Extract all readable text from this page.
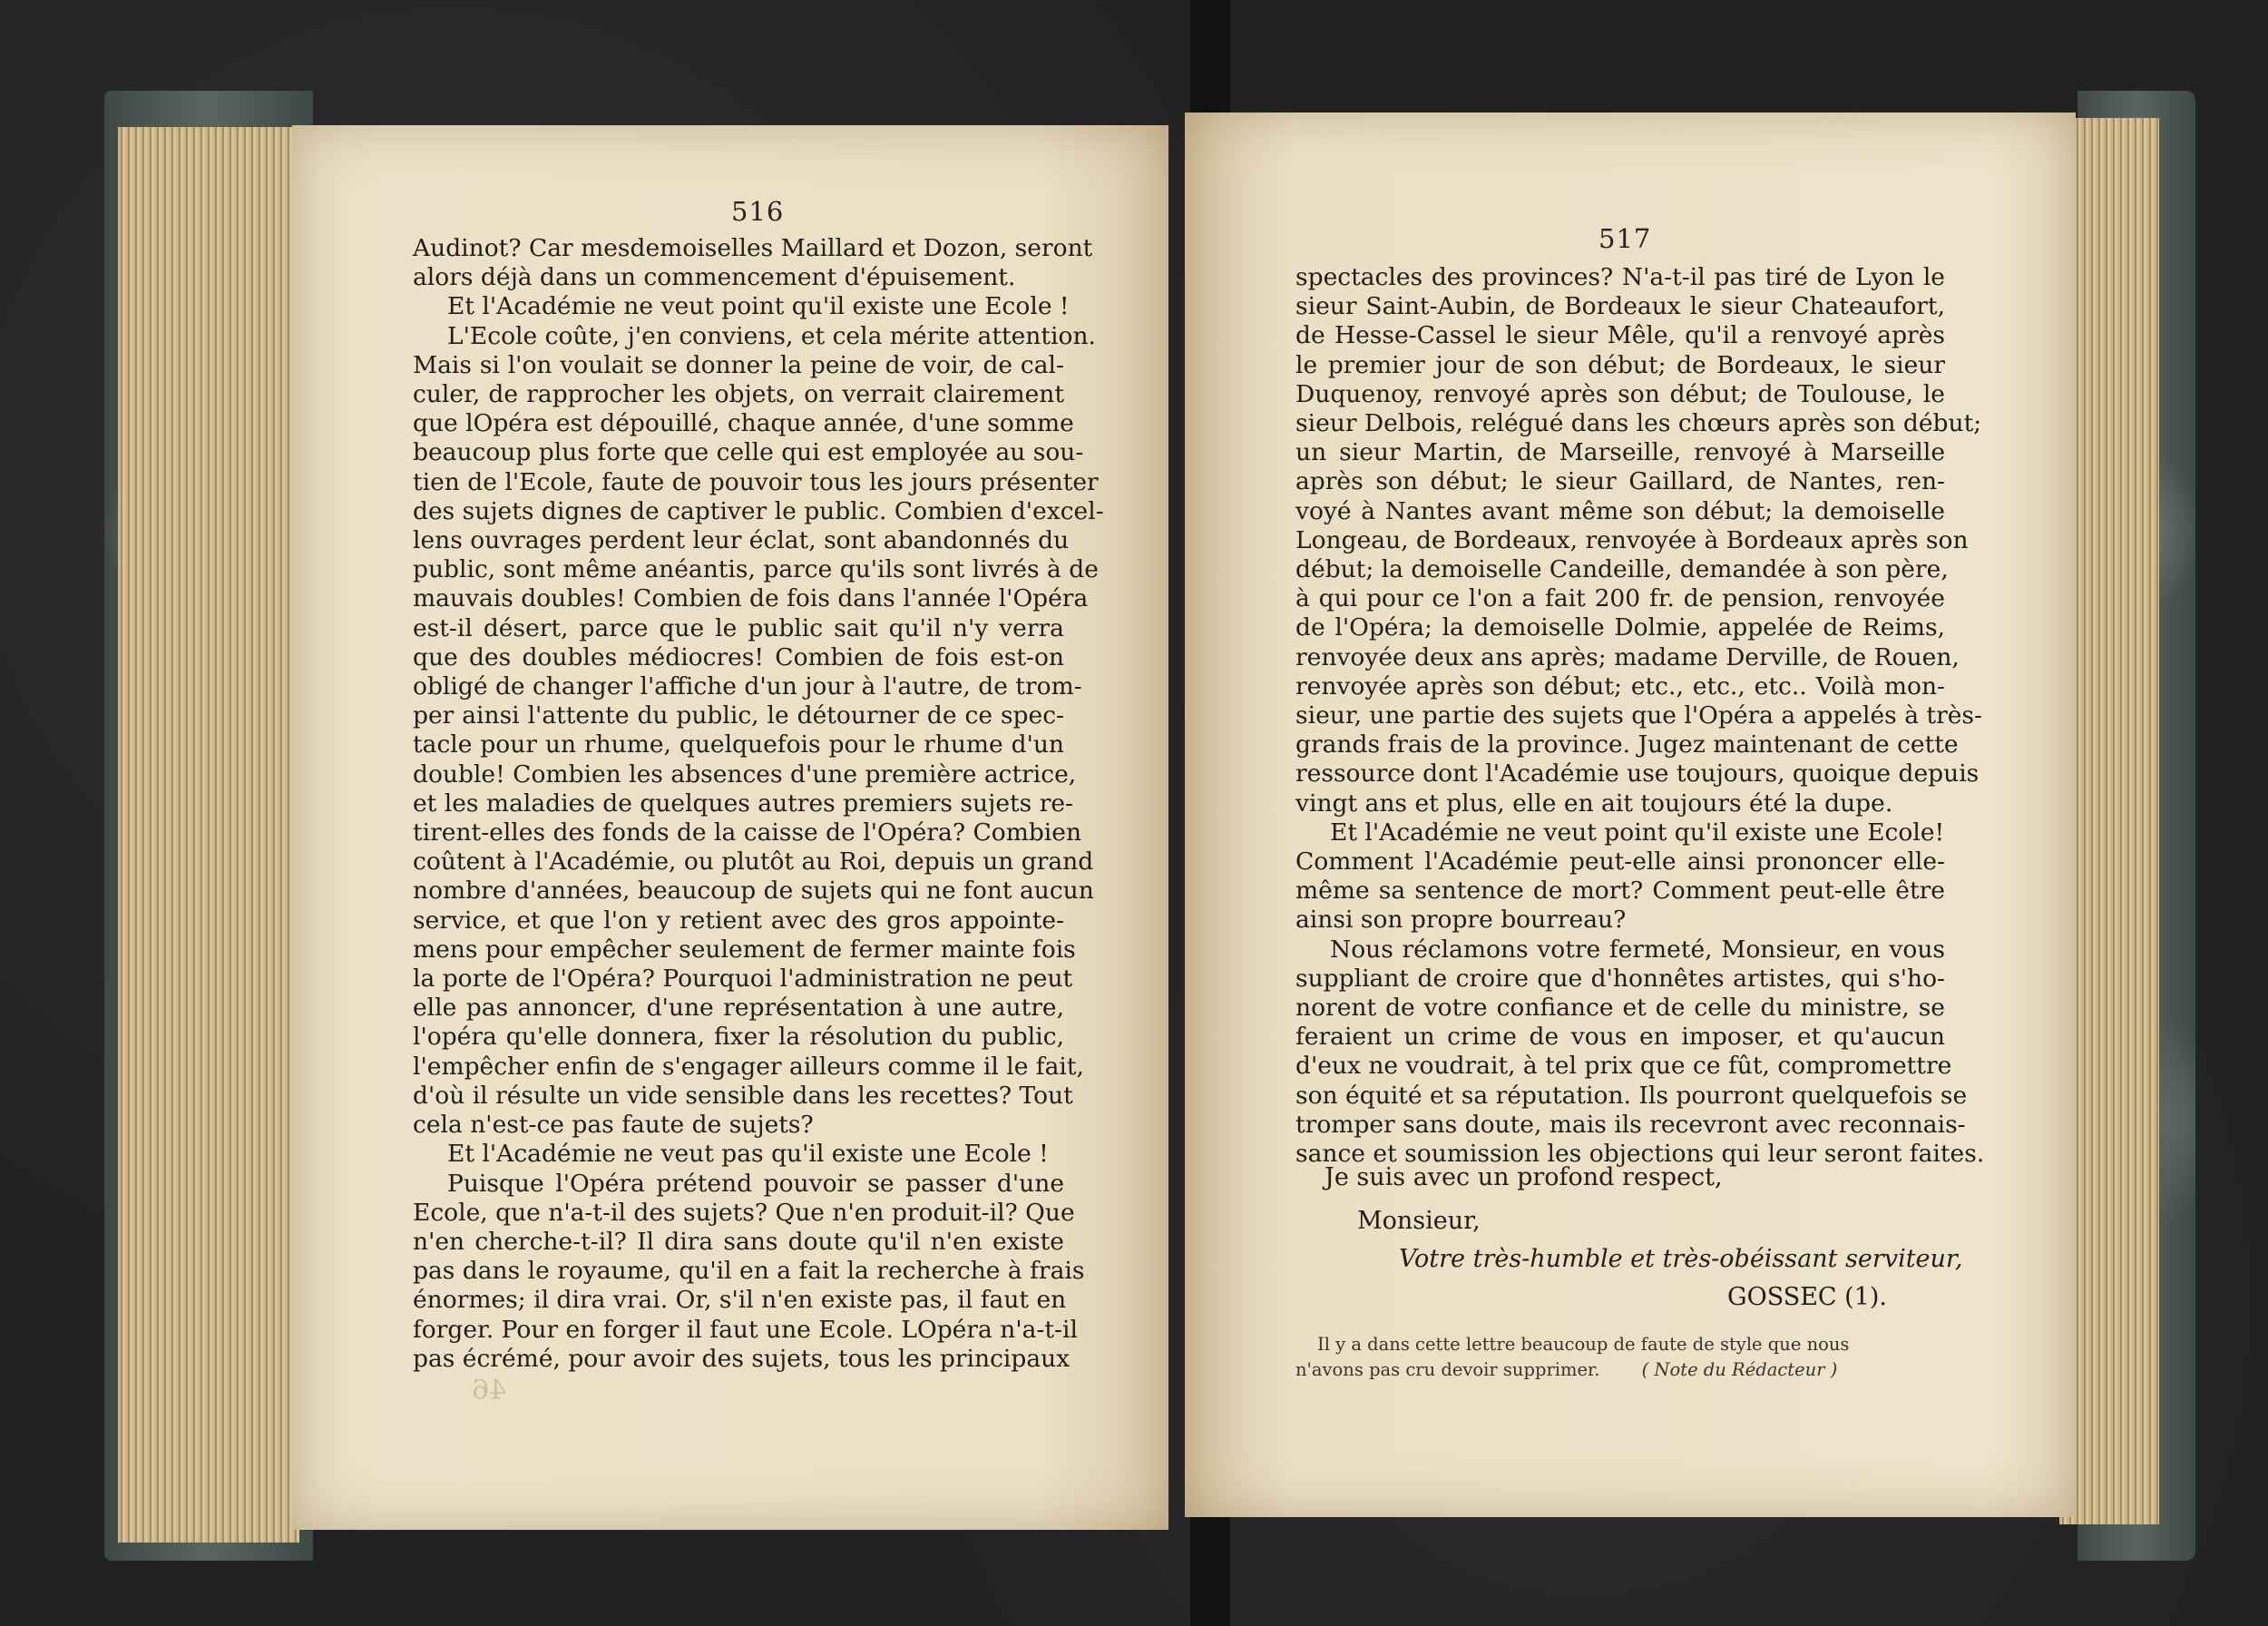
516
517
Audinot? Car mesdemoiselles Maillard et Dozon, seront
alors déjà dans un commencement d'épuisement.
Et l'Académie ne veut point qu'il existe une Ecole !
L'Ecole coûte, j'en conviens, et cela mérite attention.
Mais si l'on voulait se donner la peine de voir, de cal-
culer, de rapprocher les objets, on verrait clairement
que lOpéra est dépouillé, chaque année, d'une somme
beaucoup plus forte que celle qui est employée au sou-
tien de l'Ecole, faute de pouvoir tous les jours présenter
des sujets dignes de captiver le public. Combien d'excel-
lens ouvrages perdent leur éclat, sont abandonnés du
public, sont même anéantis, parce qu'ils sont livrés à de
mauvais doubles! Combien de fois dans l'année l'Opéra
est-il désert, parce que le public sait qu'il n'y verra
que des doubles médiocres! Combien de fois est-on
obligé de changer l'affiche d'un jour à l'autre, de trom-
per ainsi l'attente du public, le détourner de ce spec-
tacle pour un rhume, quelquefois pour le rhume d'un
double! Combien les absences d'une première actrice,
et les maladies de quelques autres premiers sujets re-
tirent-elles des fonds de la caisse de l'Opéra? Combien
coûtent à l'Académie, ou plutôt au Roi, depuis un grand
nombre d'années, beaucoup de sujets qui ne font aucun
service, et que l'on y retient avec des gros appointe-
mens pour empêcher seulement de fermer mainte fois
la porte de l'Opéra? Pourquoi l'administration ne peut
elle pas annoncer, d'une représentation à une autre,
l'opéra qu'elle donnera, fixer la résolution du public,
l'empêcher enfin de s'engager ailleurs comme il le fait,
d'où il résulte un vide sensible dans les recettes? Tout
cela n'est-ce pas faute de sujets?
Et l'Académie ne veut pas qu'il existe une Ecole !
Puisque l'Opéra prétend pouvoir se passer d'une
Ecole, que n'a-t-il des sujets? Que n'en produit-il? Que
n'en cherche-t-il? Il dira sans doute qu'il n'en existe
pas dans le royaume, qu'il en a fait la recherche à frais
énormes; il dira vrai. Or, s'il n'en existe pas, il faut en
forger. Pour en forger il faut une Ecole. LOpéra n'a-t-il
pas écrémé, pour avoir des sujets, tous les principaux
spectacles des provinces? N'a-t-il pas tiré de Lyon le
sieur Saint-Aubin, de Bordeaux le sieur Chateaufort,
de Hesse-Cassel le sieur Mêle, qu'il a renvoyé après
le premier jour de son début; de Bordeaux, le sieur
Duquenoy, renvoyé après son début; de Toulouse, le
sieur Delbois, relégué dans les chœurs après son début;
un sieur Martin, de Marseille, renvoyé à Marseille
après son début; le sieur Gaillard, de Nantes, ren-
voyé à Nantes avant même son début; la demoiselle
Longeau, de Bordeaux, renvoyée à Bordeaux après son
début; la demoiselle Candeille, demandée à son père,
à qui pour ce l'on a fait 200 fr. de pension, renvoyée
de l'Opéra; la demoiselle Dolmie, appelée de Reims,
renvoyée deux ans après; madame Derville, de Rouen,
renvoyée après son début; etc., etc., etc.. Voilà mon-
sieur, une partie des sujets que l'Opéra a appelés à très-
grands frais de la province. Jugez maintenant de cette
ressource dont l'Académie use toujours, quoique depuis
vingt ans et plus, elle en ait toujours été la dupe.
Et l'Académie ne veut point qu'il existe une Ecole!
Comment l'Académie peut-elle ainsi prononcer elle-
même sa sentence de mort? Comment peut-elle être
ainsi son propre bourreau?
Nous réclamons votre fermeté, Monsieur, en vous
suppliant de croire que d'honnêtes artistes, qui s'ho-
norent de votre confiance et de celle du ministre, se
feraient un crime de vous en imposer, et qu'aucun
d'eux ne voudrait, à tel prix que ce fût, compromettre
son équité et sa réputation. Ils pourront quelquefois se
tromper sans doute, mais ils recevront avec reconnais-
sance et soumission les objections qui leur seront faites.
Je suis avec un profond respect,
Monsieur,
Votre très-humble et très-obéissant serviteur,
GOSSEC (1).
Il y a dans cette lettre beaucoup de faute de style que nous
n'avons pas cru devoir supprimer. ( Note du Rédacteur )
46
